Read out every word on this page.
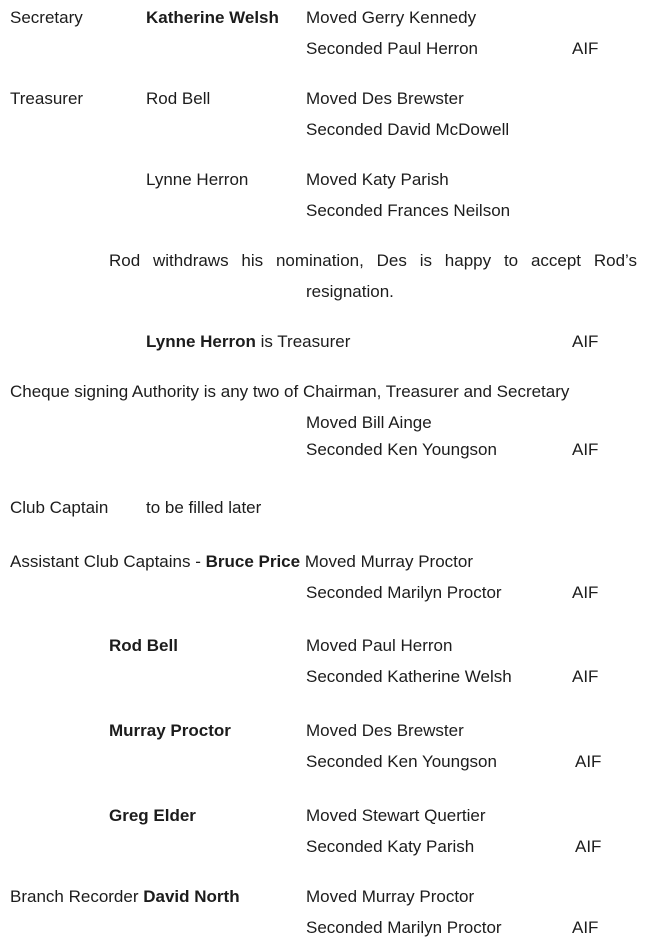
Secretary	Katherine Welsh Moved Gerry Kennedy
Seconded Paul Herron	AIF
Treasurer	Rod Bell	Moved Des Brewster
Seconded David McDowell
Lynne Herron	Moved Katy Parish
Seconded Frances Neilson
Rod withdraws his nomination, Des is happy to accept Rod’s
resignation.
Lynne Herron is Treasurer	AIF
Cheque signing Authority is any two of Chairman, Treasurer and Secretary
Moved Bill Ainge
Seconded Ken Youngson	AIF
Club Captain to be filled later
Assistant Club Captains - Bruce Price Moved Murray Proctor
Seconded Marilyn Proctor	AIF
Rod Bell	Moved Paul Herron
Seconded Katherine Welsh	AIF
Murray Proctor	Moved Des Brewster
Seconded Ken Youngson	AIF
Greg Elder	Moved Stewart Quertier
Seconded Katy Parish	AIF
Branch Recorder David North	Moved Murray Proctor
Seconded Marilyn Proctor	AIF
